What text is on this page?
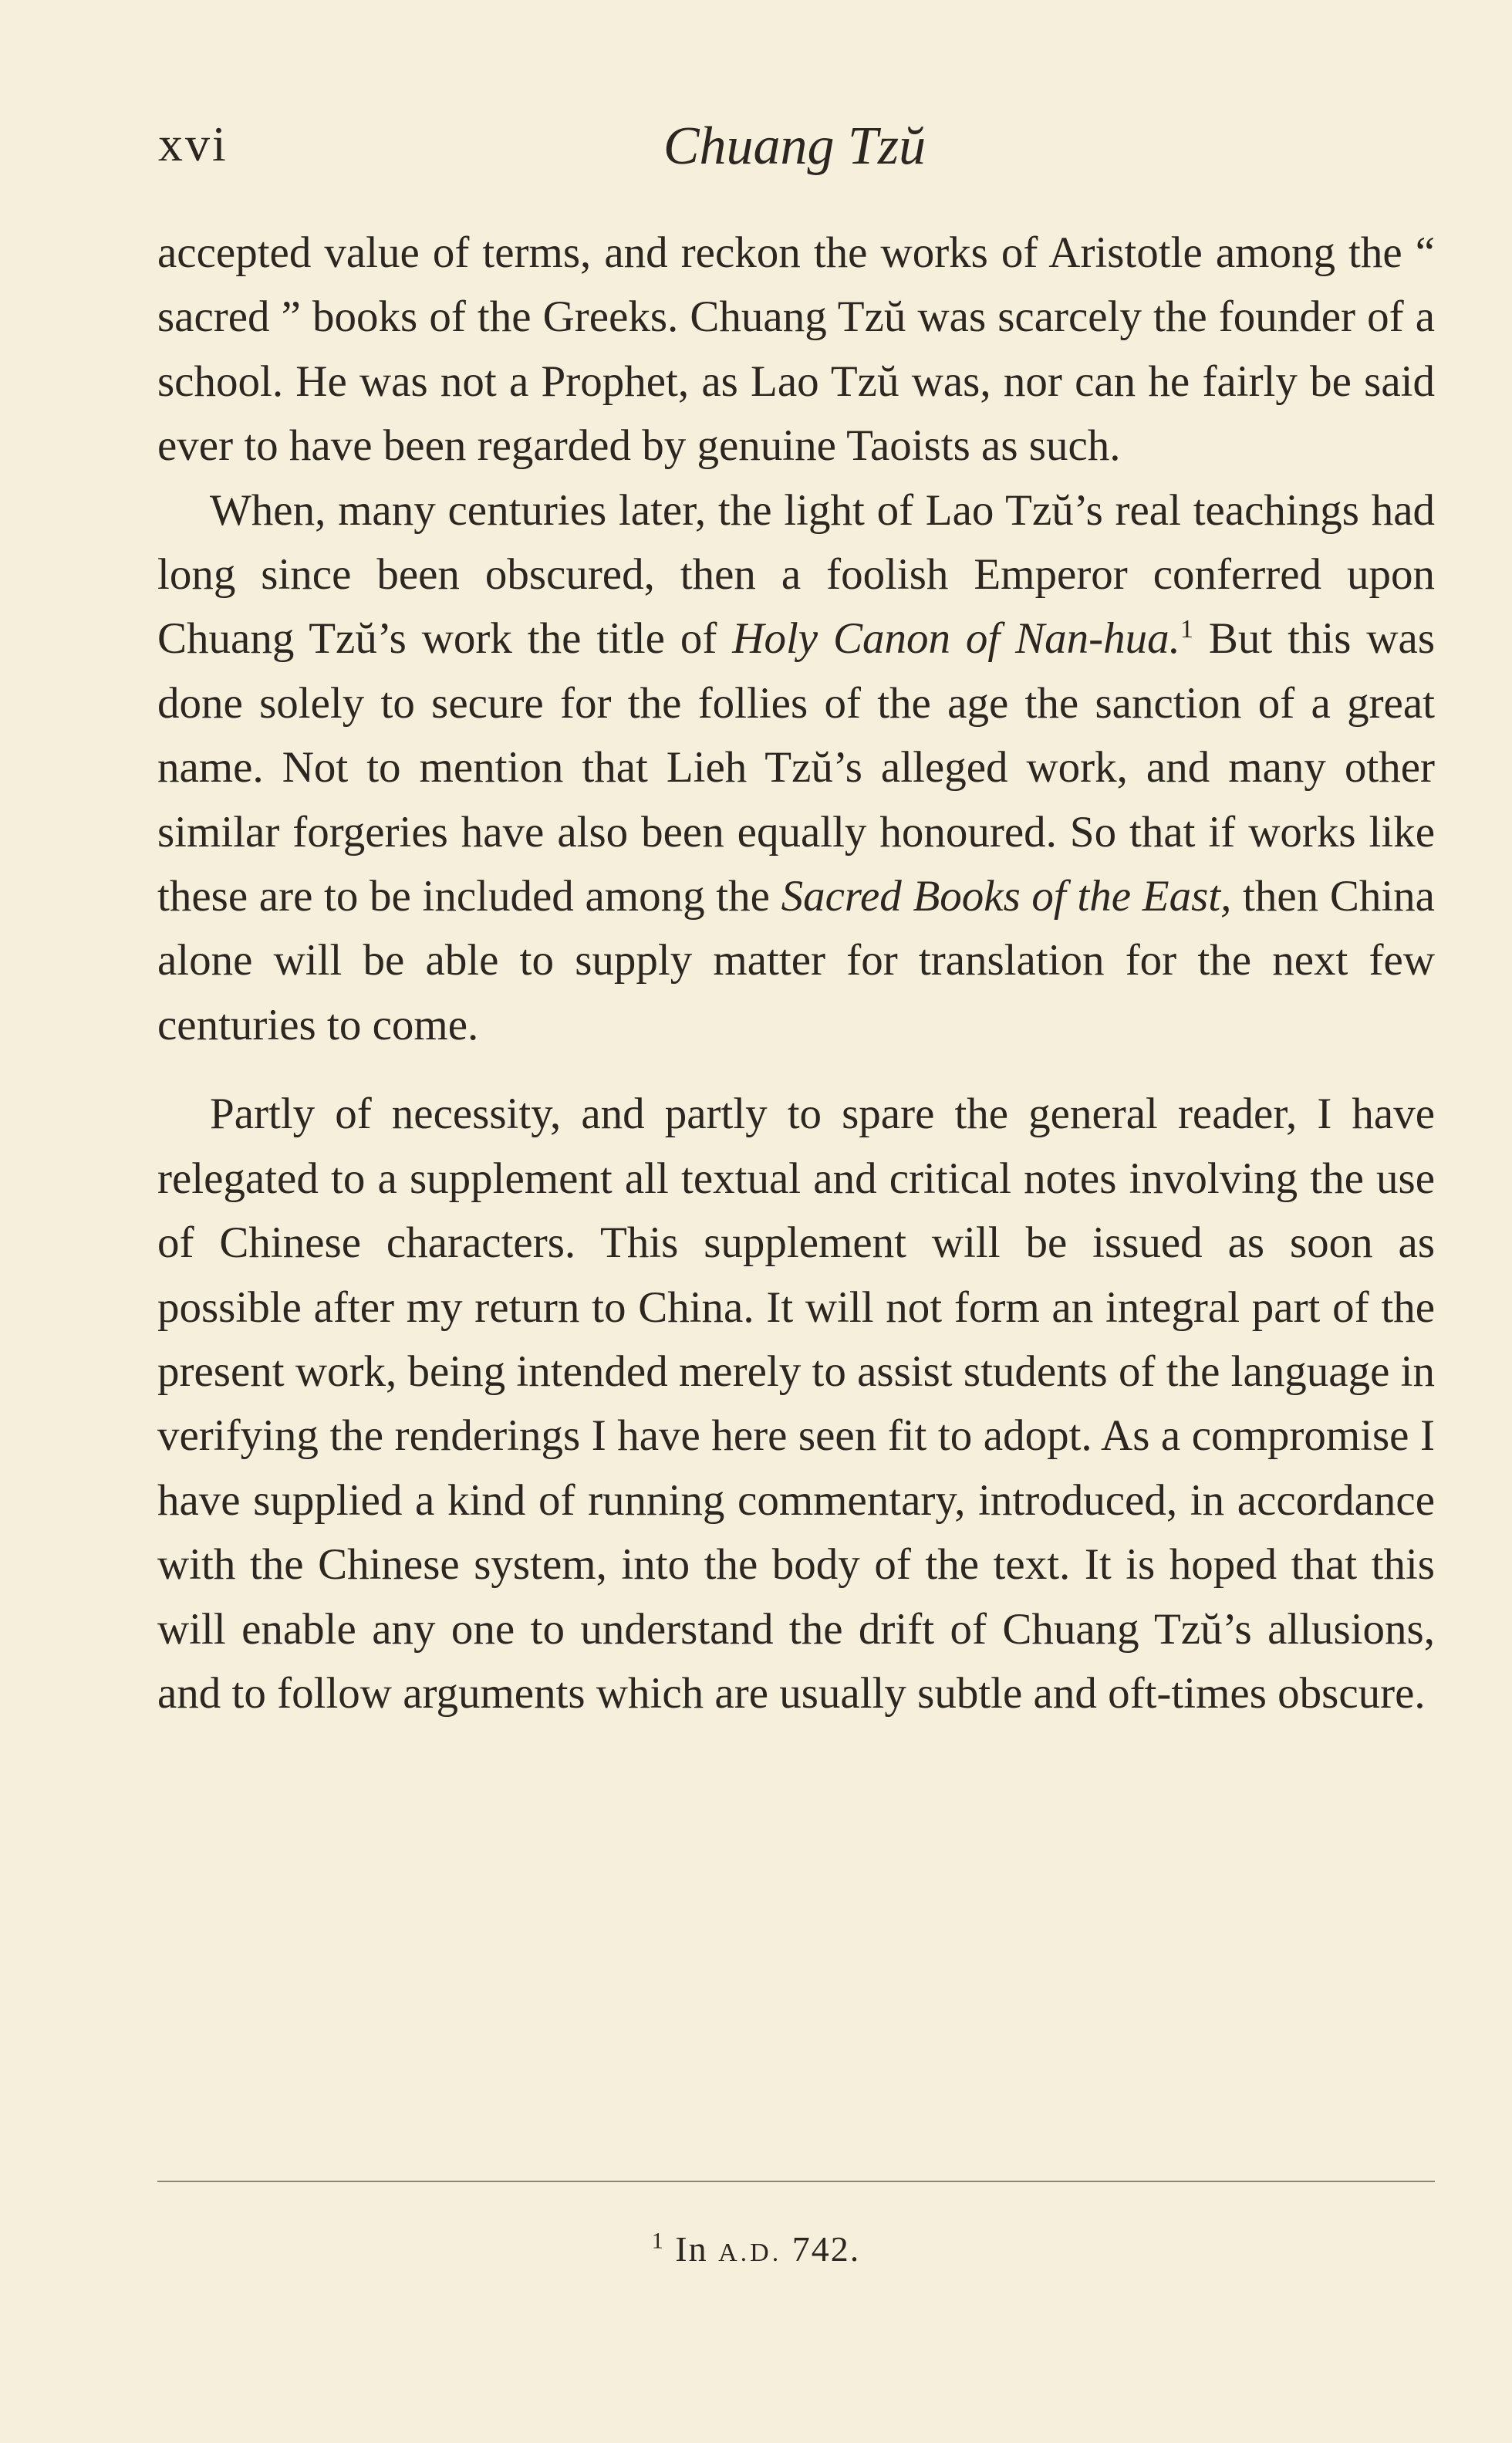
xvi	Chuang Tzŭ

accepted value of terms, and reckon the works of Aristotle among the “ sacred ” books of the Greeks. Chuang Tzŭ was scarcely the founder of a school. He was not a Prophet, as Lao Tzŭ was, nor can he fairly be said ever to have been regarded by genuine Taoists as such.

When, many centuries later, the light of Lao Tzŭ’s real teachings had long since been obscured, then a foolish Emperor conferred upon Chuang Tzŭ’s work the title of Holy Canon of Nan-hua.$^1$ But this was done solely to secure for the follies of the age the sanction of a great name. Not to mention that Lieh Tzŭ’s alleged work, and many other similar forgeries have also been equally honoured. So that if works like these are to be included among the Sacred Books of the East, then China alone will be able to supply matter for translation for the next few centuries to come.

Partly of necessity, and partly to spare the general reader, I have relegated to a supplement all textual and critical notes involving the use of Chinese characters. This supplement will be issued as soon as possible after my return to China. It will not form an integral part of the present work, being intended merely to assist students of the language in verifying the renderings I have here seen fit to adopt. As a compromise I have supplied a kind of running commentary, introduced, in accordance with the Chinese system, into the body of the text. It is hoped that this will enable any one to understand the drift of Chuang Tzŭ’s allusions, and to follow arguments which are usually subtle and oft-times obscure.

$^1$ In A.D. 742.
